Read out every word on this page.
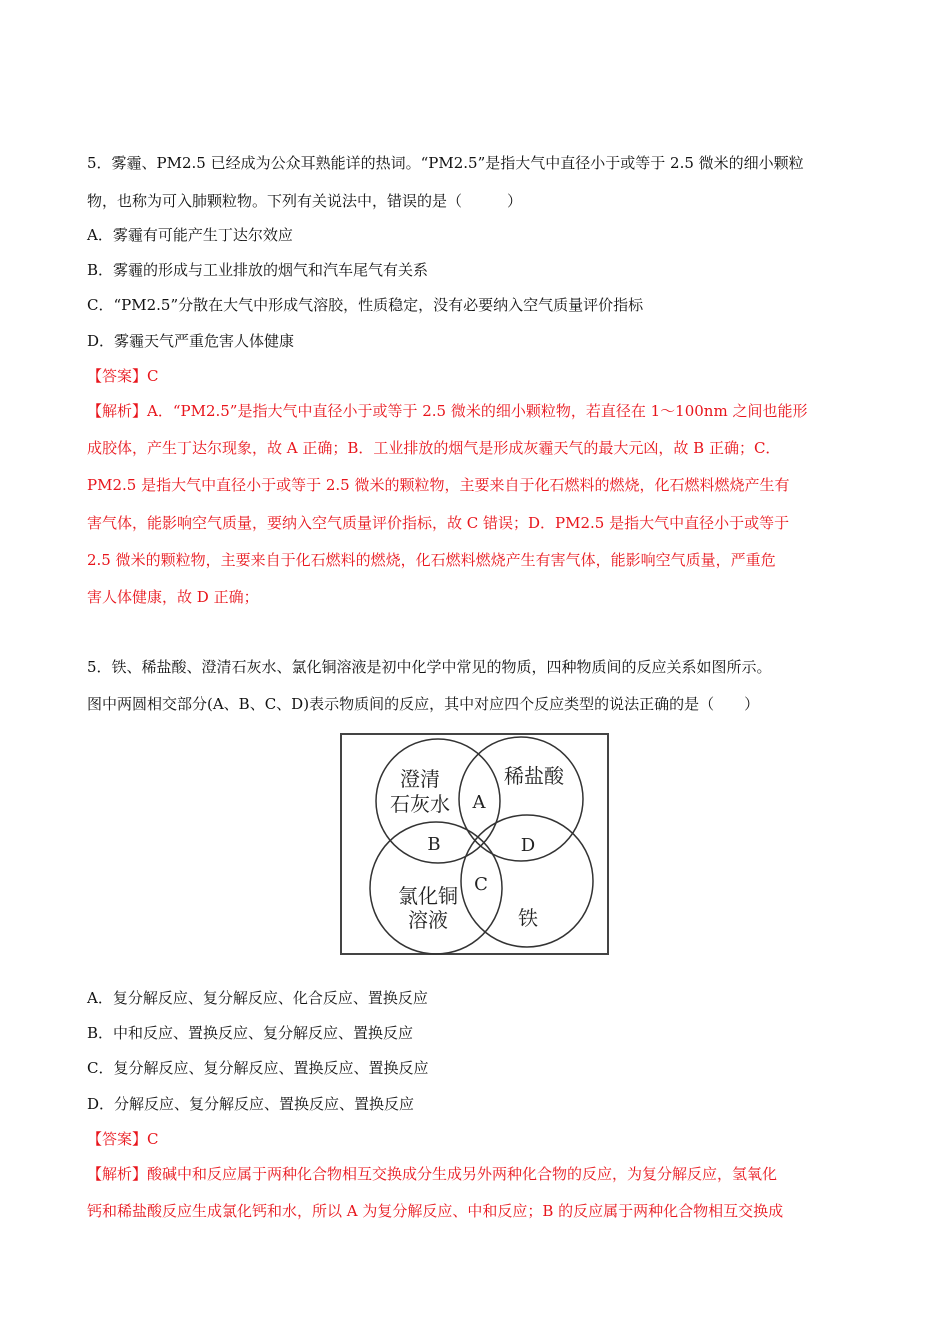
5．雾霾、PM2.5 已经成为公众耳熟能详的热词。“PM2.5”是指大气中直径小于或等于 2.5 微米的细小颗粒
物，也称为可入肺颗粒物。下列有关说法中，错误的是（　　　）
A．雾霾有可能产生丁达尔效应
B．雾霾的形成与工业排放的烟气和汽车尾气有关系
C．“PM2.5”分散在大气中形成气溶胶，性质稳定，没有必要纳入空气质量评价指标
D．雾霾天气严重危害人体健康
【答案】C
【解析】A．“PM2.5”是指大气中直径小于或等于 2.5 微米的细小颗粒物，若直径在 1～100nm 之间也能形
成胶体，产生丁达尔现象，故 A 正确；B．工业排放的烟气是形成灰霾天气的最大元凶，故 B 正确；C．
PM2.5 是指大气中直径小于或等于 2.5 微米的颗粒物，主要来自于化石燃料的燃烧，化石燃料燃烧产生有
害气体，能影响空气质量，要纳入空气质量评价指标，故 C 错误；D．PM2.5 是指大气中直径小于或等于
2.5 微米的颗粒物，主要来自于化石燃料的燃烧，化石燃料燃烧产生有害气体，能影响空气质量，严重危
害人体健康，故 D 正确；
5．铁、稀盐酸、澄清石灰水、氯化铜溶液是初中化学中常见的物质，四种物质间的反应关系如图所示。
图中两圆相交部分(A、B、C、D)表示物质间的反应，其中对应四个反应类型的说法正确的是（　　）
澄清
石灰水
稀盐酸
氯化铜
溶液	铁
A
B
C
D
A．复分解反应、复分解反应、化合反应、置换反应
B．中和反应、置换反应、复分解反应、置换反应
C．复分解反应、复分解反应、置换反应、置换反应
D．分解反应、复分解反应、置换反应、置换反应
【答案】C
【解析】酸碱中和反应属于两种化合物相互交换成分生成另外两种化合物的反应，为复分解反应，氢氧化
钙和稀盐酸反应生成氯化钙和水，所以 A 为复分解反应、中和反应；B 的反应属于两种化合物相互交换成
